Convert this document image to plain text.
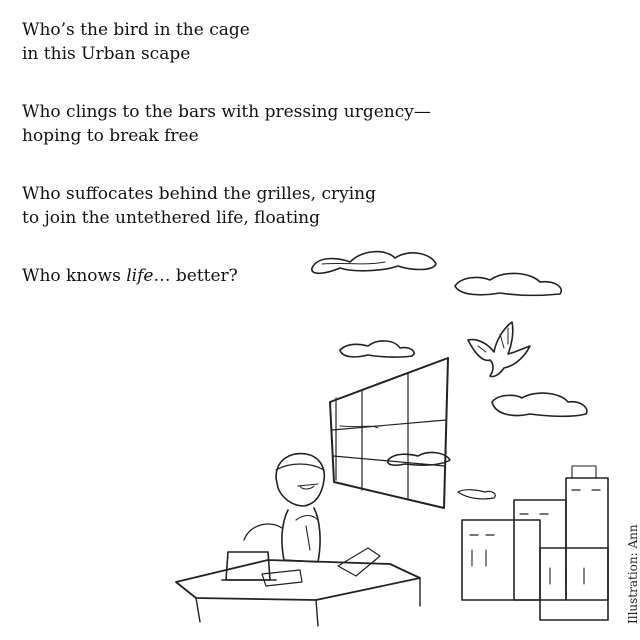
Who’s the bird in the cage
in this Urban scape
Who clings to the bars with pressing urgency—
hoping to break free
Who suffocates behind the grilles, crying
to join the untethered life, floating
Who knows life… better?
Illustration: Ann
